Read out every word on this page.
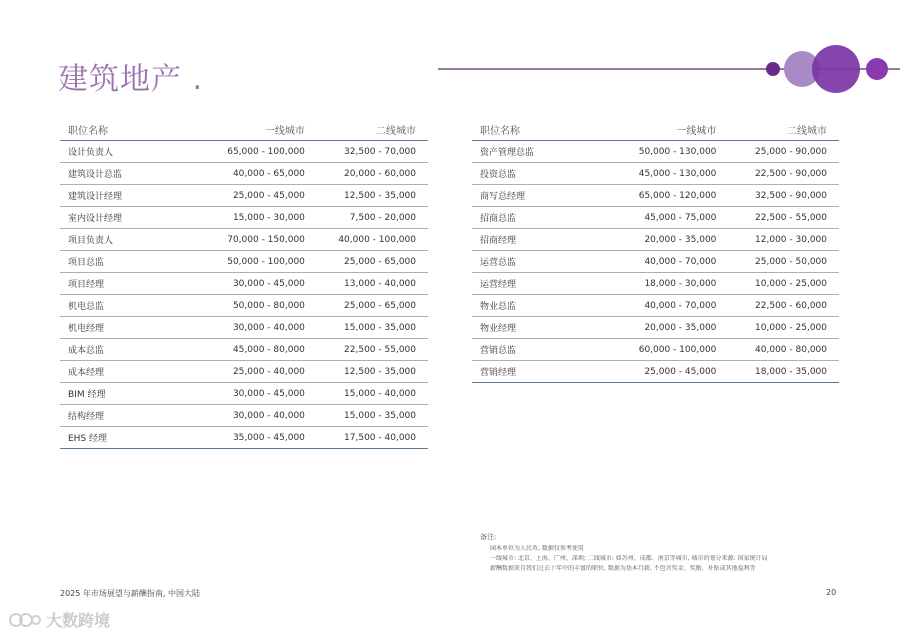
建筑地产 .
职位名称	一线城市	二线城市
设计负责人	65,000 - 100,000	32,500 - 70,000
建筑设计总监	40,000 - 65,000	20,000 - 60,000
建筑设计经理	25,000 - 45,000	12,500 - 35,000
室内设计经理	15,000 - 30,000	7,500 - 20,000
项目负责人	70,000 - 150,000	40,000 - 100,000
项目总监	50,000 - 100,000	25,000 - 65,000
项目经理	30,000 - 45,000	13,000 - 40,000
机电总监	50,000 - 80,000	25,000 - 65,000
机电经理	30,000 - 40,000	15,000 - 35,000
成本总监	45,000 - 80,000	22,500 - 55,000
成本经理	25,000 - 40,000	12,500 - 35,000
BIM 经理	30,000 - 45,000	15,000 - 40,000
结构经理	30,000 - 40,000	15,000 - 35,000
EHS 经理	35,000 - 45,000	17,500 - 40,000
职位名称	一线城市	二线城市
资产管理总监	50,000 - 130,000	25,000 - 90,000
投资总监	45,000 - 130,000	22,500 - 90,000
商写总经理	65,000 - 120,000	32,500 - 90,000
招商总监	45,000 - 75,000	22,500 - 55,000
招商经理	20,000 - 35,000	12,000 - 30,000
运营总监	40,000 - 70,000	25,000 - 50,000
运营经理	18,000 - 30,000	10,000 - 25,000
物业总监	40,000 - 70,000	22,500 - 60,000
物业经理	20,000 - 35,000	10,000 - 25,000
营销总监	60,000 - 100,000	40,000 - 80,000
营销经理	25,000 - 45,000	18,000 - 35,000
备注:
• 园本单位为人民币, 数据仅参考使用
• 一线城市: 北京、上海、广州、深圳; 二线城市: 如苏州、成都、南京等城市, 城市的划分来源: 国家统计局
• 薪酬数据来自我们过去十年中的丰富的职位, 数据为基本月薪, 不包含奖金、奖励、补贴或其他福利等
2025 年市场展望与薪酬指南, 中国大陆	20
大数跨境
